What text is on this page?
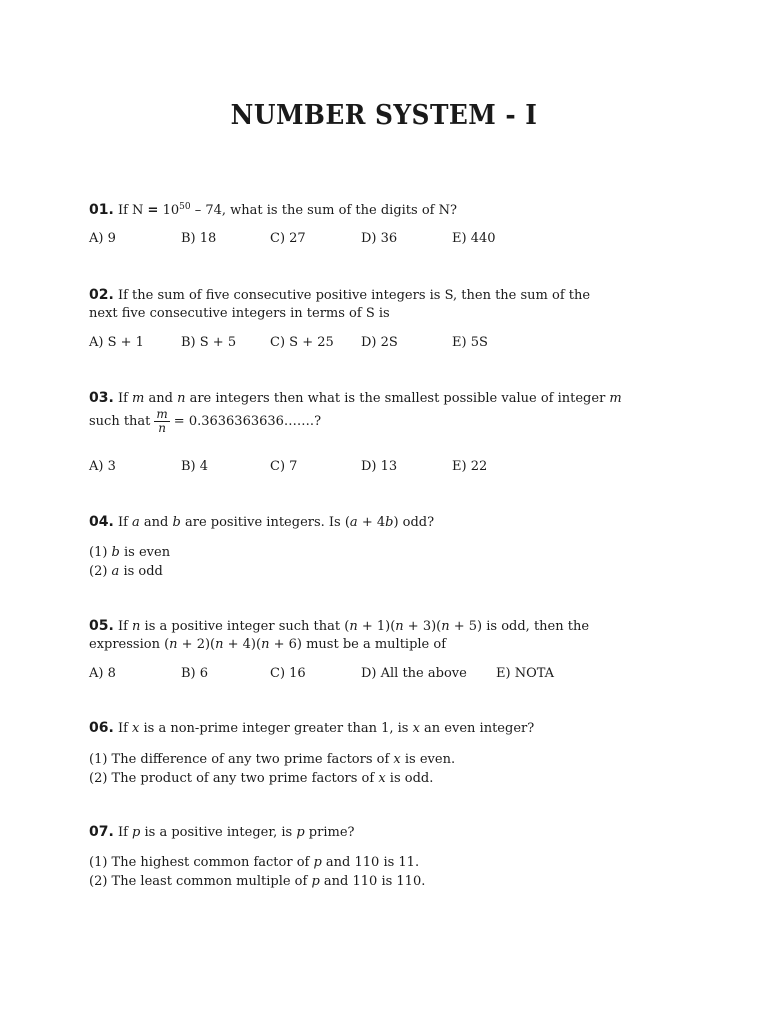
NUMBER SYSTEM - I
01. If $N = 10^{50} - 74$, what is the sum of the digits of N?
A) 9	B) 18	C) 27	D) 36	E) 440
02. If the sum of five consecutive positive integers is S, then the sum of the
next five consecutive integers in terms of S is
A) S + 1	B) S + 5	C) S + 25 D) 2S	E) 5S
03. If m and n are integers then what is the smallest possible value of integer m
such that $\frac{m}{n}$ = 0.3636363636…….?
A) 3	B) 4	C) 7	D) 13	E) 22
04. If a and b are positive integers. Is (a + 4b) odd?
(1) b is even
(2) a is odd
05. If n is a positive integer such that (n + 1)(n + 3)(n + 5) is odd, then the
expression (n + 2)(n + 4)(n + 6) must be a multiple of
A) 8	B) 6	C) 16	D) All the above E) NOTA
06. If x is a non-prime integer greater than 1, is x an even integer?
(1) The difference of any two prime factors of x is even.
(2) The product of any two prime factors of x is odd.
07. If p is a positive integer, is p prime?
(1) The highest common factor of p and 110 is 11.
(2) The least common multiple of p and 110 is 110.
